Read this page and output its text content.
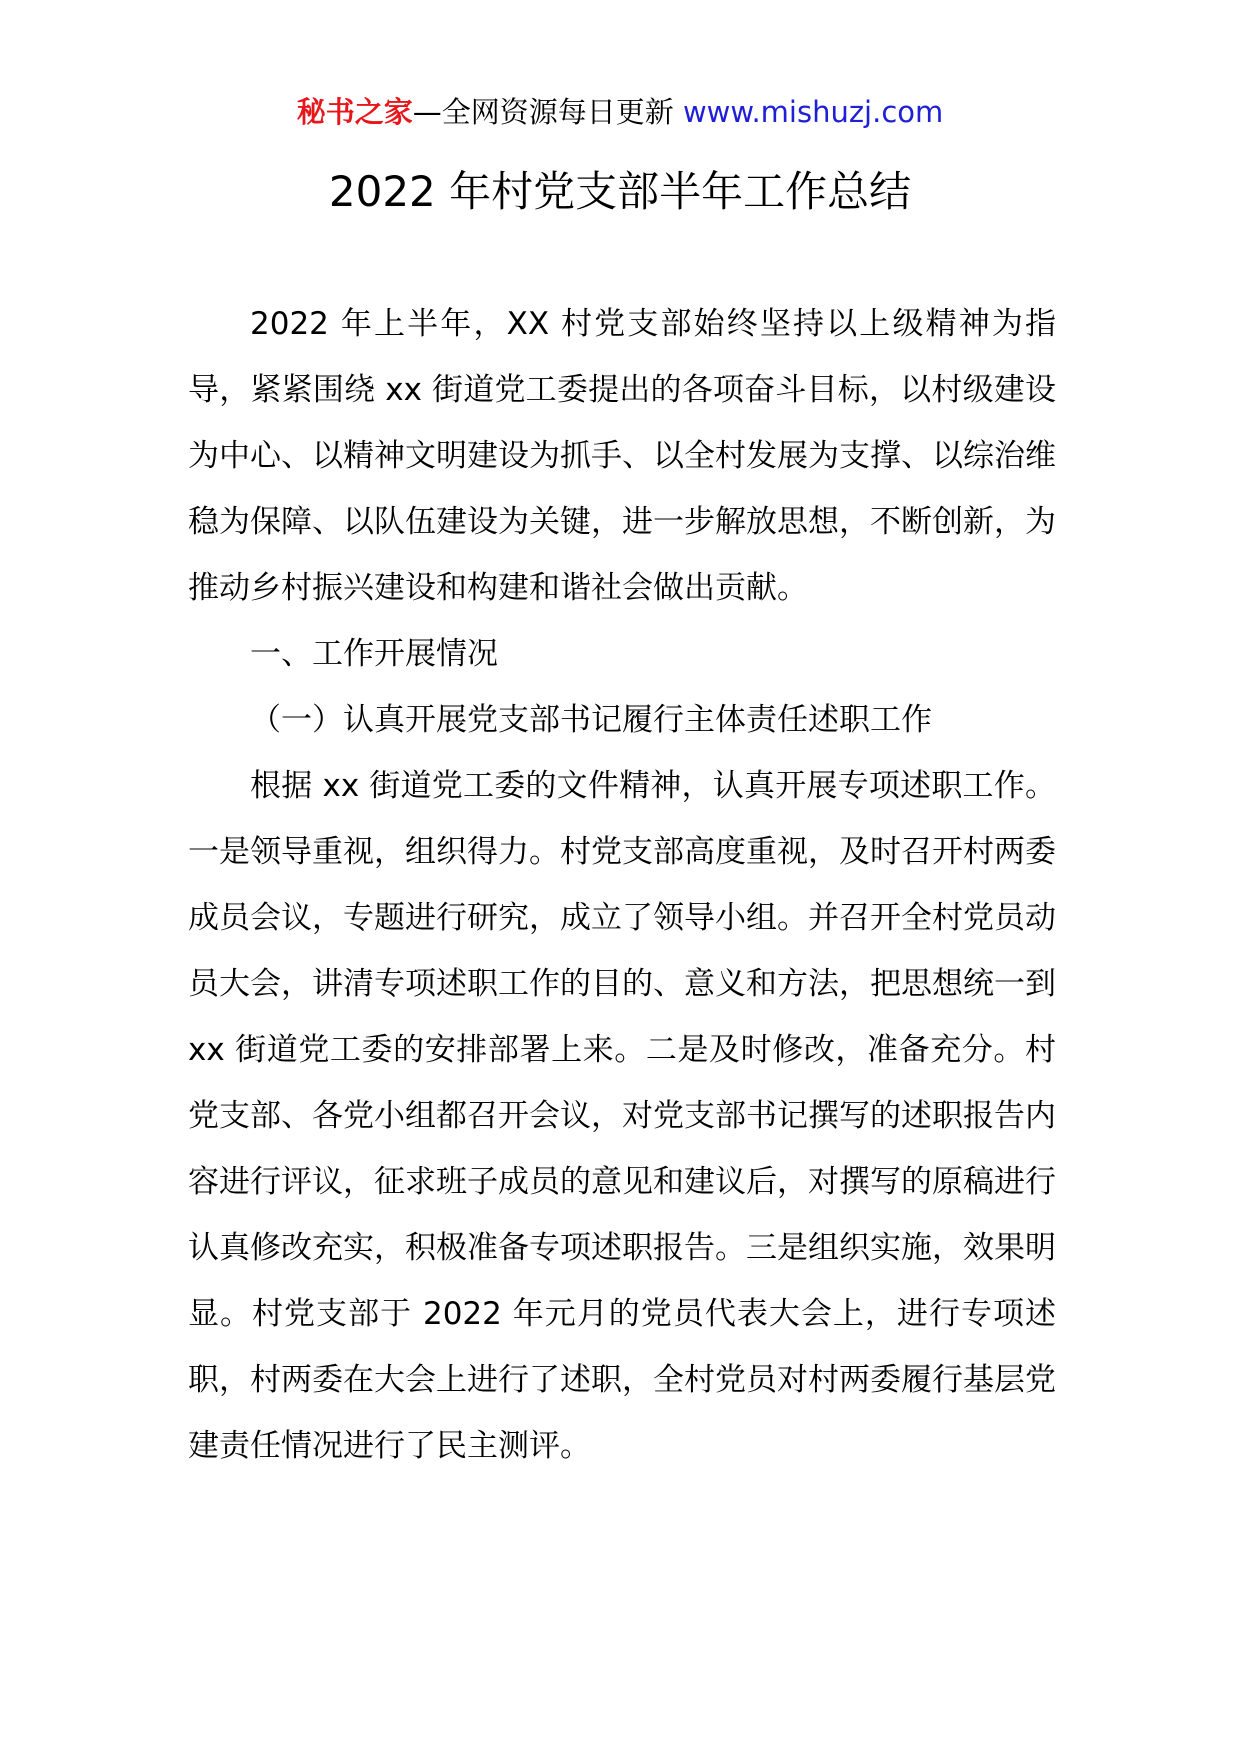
秘书之家—全网资源每日更新 www.mishuzj.com
2022 年村党支部半年工作总结

2022 年上半年，XX 村党支部始终坚持以上级精神为指导，紧紧围绕 xx 街道党工委提出的各项奋斗目标，以村级建设为中心、以精神文明建设为抓手、以全村发展为支撑、以综治维稳为保障、以队伍建设为关键，进一步解放思想，不断创新，为推动乡村振兴建设和构建和谐社会做出贡献。

一、工作开展情况

（一）认真开展党支部书记履行主体责任述职工作

根据 xx 街道党工委的文件精神，认真开展专项述职工作。一是领导重视，组织得力。村党支部高度重视，及时召开村两委成员会议，专题进行研究，成立了领导小组。并召开全村党员动员大会，讲清专项述职工作的目的、意义和方法，把思想统一到 xx 街道党工委的安排部署上来。二是及时修改，准备充分。村党支部、各党小组都召开会议，对党支部书记撰写的述职报告内容进行评议，征求班子成员的意见和建议后，对撰写的原稿进行认真修改充实，积极准备专项述职报告。三是组织实施，效果明显。村党支部于 2022 年元月的党员代表大会上，进行专项述职，村两委在大会上进行了述职，全村党员对村两委履行基层党建责任情况进行了民主测评。
